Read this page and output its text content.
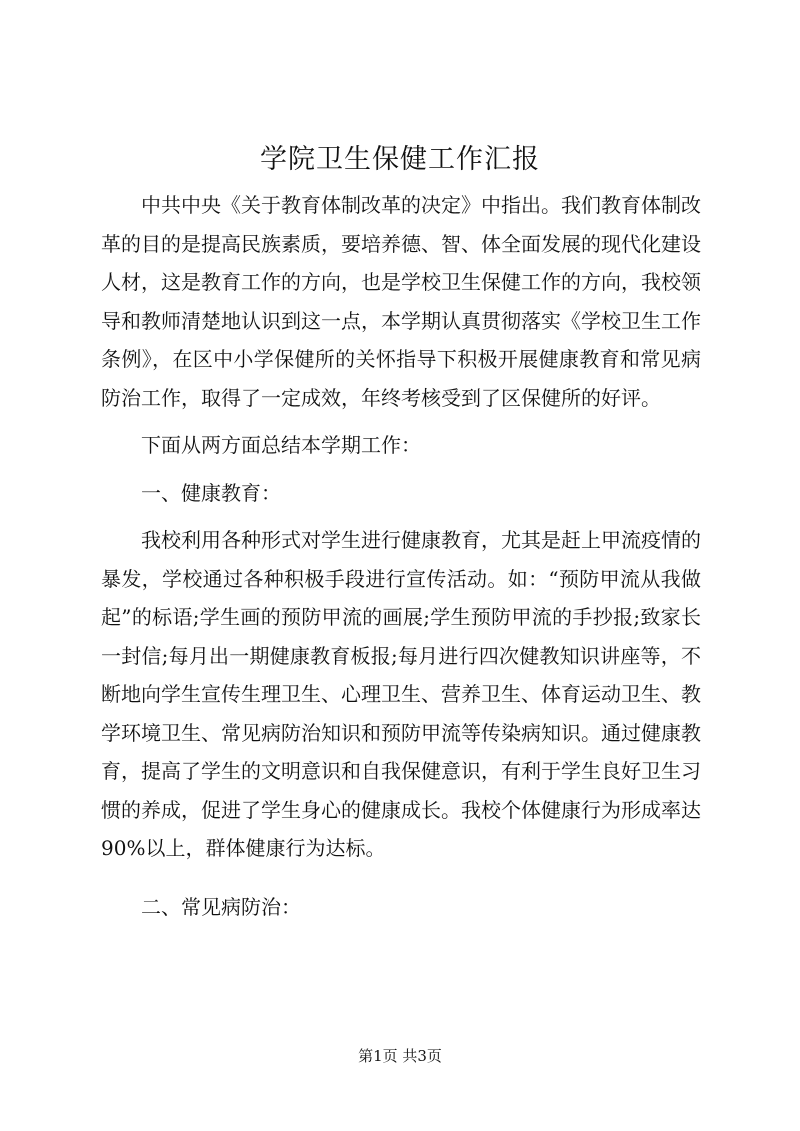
学院卫生保健工作汇报

中共中央《关于教育体制改革的决定》中指出。我们教育体制改革的目的是提高民族素质，要培养德、智、体全面发展的现代化建设人材，这是教育工作的方向，也是学校卫生保健工作的方向，我校领导和教师清楚地认识到这一点，本学期认真贯彻落实《学校卫生工作条例》，在区中小学保健所的关怀指导下积极开展健康教育和常见病防治工作，取得了一定成效，年终考核受到了区保健所的好评。

下面从两方面总结本学期工作：

一、健康教育：

我校利用各种形式对学生进行健康教育，尤其是赶上甲流疫情的暴发，学校通过各种积极手段进行宣传活动。如：“预防甲流从我做起”的标语;学生画的预防甲流的画展;学生预防甲流的手抄报;致家长一封信;每月出一期健康教育板报;每月进行四次健教知识讲座等，不断地向学生宣传生理卫生、心理卫生、营养卫生、体育运动卫生、教学环境卫生、常见病防治知识和预防甲流等传染病知识。通过健康教育，提高了学生的文明意识和自我保健意识，有利于学生良好卫生习惯的养成，促进了学生身心的健康成长。我校个体健康行为形成率达90%以上，群体健康行为达标。

二、常见病防治：

第1页 共3页
